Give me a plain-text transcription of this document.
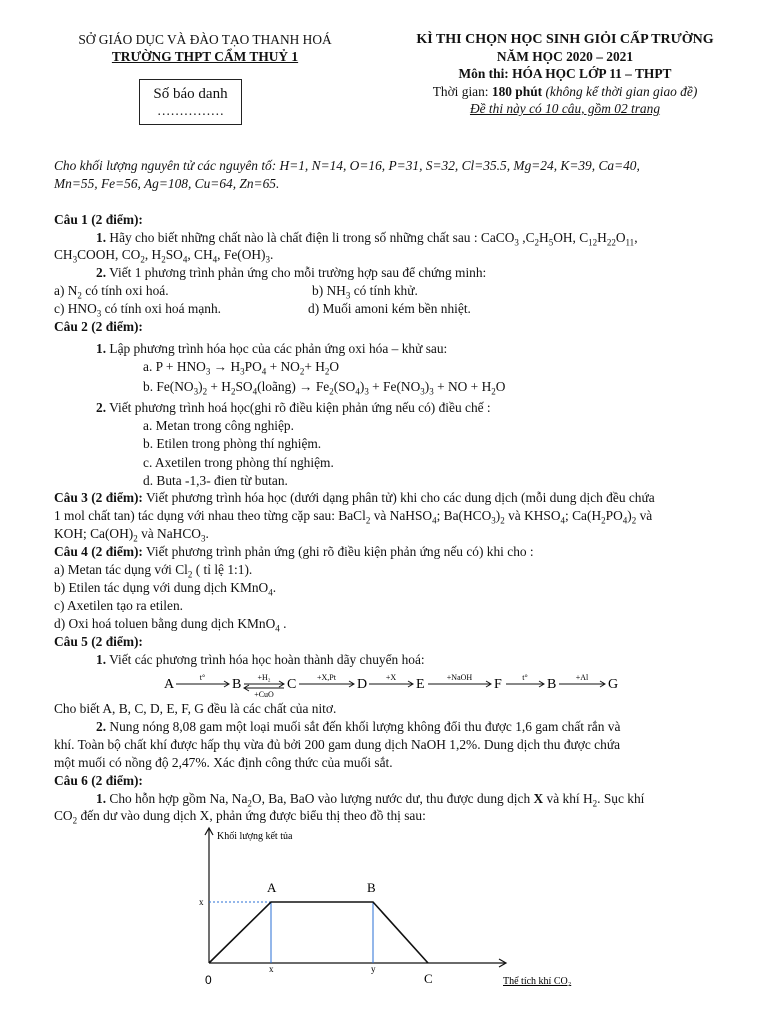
SỞ GIÁO DỤC VÀ ĐÀO TẠO THANH HOÁ
TRƯỜNG THPT CẨM THUỶ 1
Số báo danh
……………
KÌ THI CHỌN HỌC SINH GIỎI CẤP TRƯỜNG
NĂM HỌC 2020 – 2021
Môn thi: HÓA HỌC LỚP 11 – THPT
Thời gian: 180 phút (không kể thời gian giao đề)
Đề thi này có 10 câu, gồm 02 trang
Cho khối lượng nguyên tử các nguyên tố: H=1, N=14, O=16, P=31, S=32, Cl=35.5, Mg=24, K=39, Ca=40,
Mn=55, Fe=56, Ag=108, Cu=64, Zn=65.
Câu 1 (2 điểm):
1. Hãy cho biết những chất nào là chất điện li trong số những chất sau : CaCO$_3$ $,C_2H_5OH$, $C_{12}H_{22}O_{11}$,
$CH_3COOH$, $CO_2$, $H_2SO_4$, $CH_4$, $Fe(OH)_3$.
2. Viết 1 phương trình phản ứng cho mỗi trường hợp sau để chứng minh:
a) $N_2$ có tính oxi hoá.	b) $NH_3$ có tính khử.
c) $HNO_3$ có tính oxi hoá mạnh.	d) Muối amoni kém bền nhiệt.
Câu 2 (2 điểm):
1. Lập phương trình hóa học của các phản ứng oxi hóa – khử sau:
a. $P + HNO_3 \to H_3PO_4 + NO_2+ H_2O$
b. $Fe(NO_3)_2$ + $H_2SO_4(loãng) \to Fe_2(SO_4)_3 + Fe(NO_3)_3$ + NO + $H_2O$
2. Viết phương trình hoá học(ghi rõ điều kiện phản ứng nếu có) điều chế :
a. Metan trong công nghiệp.
b. Etilen trong phòng thí nghiệm.
c. Axetilen trong phòng thí nghiệm.
d. Buta -1,3- đien từ butan.
Câu 3 (2 điểm): Viết phương trình hóa học (dưới dạng phân tử) khi cho các dung dịch (mỗi dung dịch đều chứa
1 mol chất tan) tác dụng với nhau theo từng cặp sau: BaCl$_2$ và NaHSO$_4$; $Ba(HCO_3)_2$ và $KHSO_4$; $Ca(H_2PO_4)_2$ và
KOH; $Ca(OH)_2$ và NaHCO$_3$.
Câu 4 (2 điểm): Viết phương trình phản ứng (ghi rõ điều kiện phản ứng nếu có) khi cho :
a) Metan tác dụng với $Cl_2$ ( tỉ lệ 1:1).
b) Etilen tác dụng với dung dịch KMnO$_4$.
c) Axetilen tạo ra etilen.
d) Oxi hoá toluen bằng dung dịch KMnO$_4$ .
Câu 5 (2 điểm):
1. Viết các phương trình hóa học hoàn thành dãy chuyển hoá:
A	B	C	D	E	F	B	G
t°	+H₂	+X,Pt	+X	+NaOH	t°	+Al
+CuO
Cho biết A, B, C, D, E, F, G đều là các chất của nitơ.
2. Nung nóng 8,08 gam một loại muối sắt đến khối lượng không đổi thu được 1,6 gam chất rắn và
khí. Toàn bộ chất khí được hấp thụ vừa đủ bởi 200 gam dung dịch NaOH 1,2%. Dung dịch thu được chứa
một muối có nồng độ 2,47%. Xác định công thức của muối sắt.
Câu 6 (2 điểm):
1. Cho hỗn hợp gồm Na, $Na_2O$, Ba, BaO vào lượng nước dư, thu được dung dịch X và khí $H_2$. Sục khí
$CO_2$ đến dư vào dung dịch X, phản ứng được biểu thị theo đồ thị sau:
Khối lượng kết tủa
Thể tích khí CO₂
0
x
x	y
A	B
C
